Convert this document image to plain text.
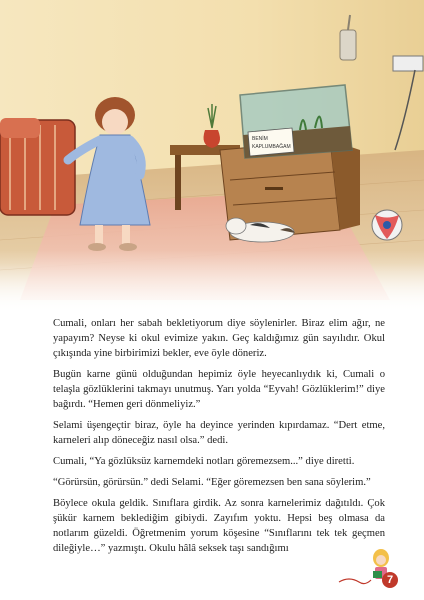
BENİM
KAPLUMBAĞAM

Cumali, onları her sabah bekletiyorum diye söylenirler. Biraz elim ağır, ne yapayım? Neyse ki okul evimize yakın. Geç kaldığımız gün sayılıdır. Okul çıkışında yine birbirimizi bekler, eve öyle döneriz.

Bugün karne günü olduğundan hepimiz öyle heyecanlıydık ki, Cumali o telaşla gözlüklerini takmayı unutmuş. Yarı yolda “Eyvah! Gözlüklerim!” diye bağırdı. “Hemen geri dönmeliyiz.”

Selami üşengeçtir biraz, öyle ha deyince yerinden kıpırdamaz. “Dert etme, karneleri alıp döneceğiz nasıl olsa.” dedi.

Cumali, “Ya gözlüksüz karnemdeki notları göremezsem...” diye diretti.

“Görürsün, görürsün.” dedi Selami. “Eğer göremezsen ben sana söylerim.”

Böylece okula geldik. Sınıflara girdik. Az sonra karnelerimiz dağıtıldı. Çok şükür karnem beklediğim gibiydi. Zayıfım yoktu. Hepsi beş olmasa da notlarım güzeldi. Öğretmenim yorum köşesine “Sınıflarını tek tek geçmen dileğiyle…” yazmıştı. Okulu hâlâ seksek taşı sandığımı

7
